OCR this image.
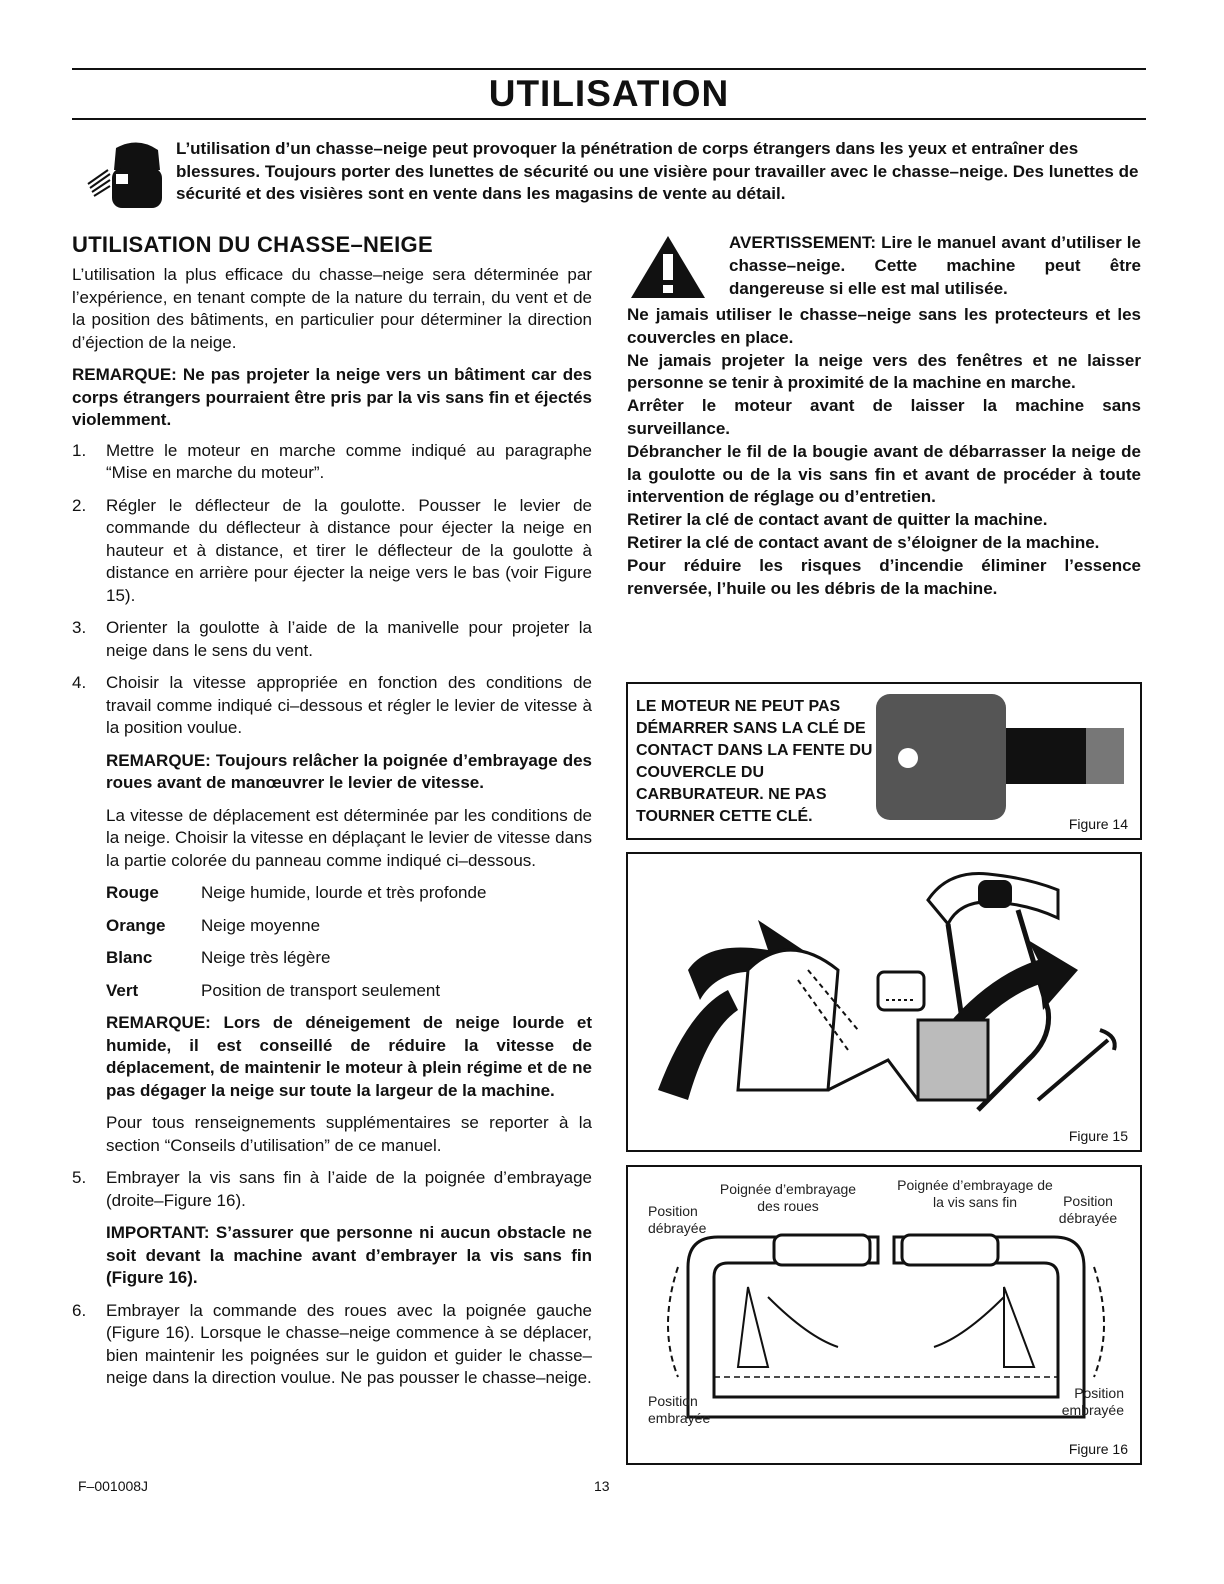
UTILISATION
L’utilisation d’un chasse–neige peut provoquer la pénétration de corps étrangers dans les yeux et entraîner des blessures. Toujours porter des lunettes de sécurité ou une visière pour travailler avec le chasse–neige. Des lunettes de sécurité et des visières sont en vente dans les magasins de vente au détail.
UTILISATION DU CHASSE–NEIGE

L’utilisation la plus efficace du chasse–neige sera déterminée par l’expérience, en tenant compte de la nature du terrain, du vent et de la position des bâtiments, en particulier pour déterminer la direction d’éjection de la neige.

REMARQUE: Ne pas projeter la neige vers un bâtiment car des corps étrangers pourraient être pris par la vis sans fin et éjectés violemment.

1. Mettre le moteur en marche comme indiqué au paragraphe “Mise en marche du moteur”.
2. Régler le déflecteur de la goulotte. Pousser le levier de commande du déflecteur à distance pour éjecter la neige en hauteur et à distance, et tirer le déflecteur de la goulotte à distance en arrière pour éjecter la neige vers le bas (voir Figure 15).
3. Orienter la goulotte à l’aide de la manivelle pour projeter la neige dans le sens du vent.
4. Choisir la vitesse appropriée en fonction des conditions de travail comme indiqué ci–dessous et régler le levier de vitesse à la position voulue.

REMARQUE: Toujours relâcher la poignée d’embrayage des roues avant de manœuvrer le levier de vitesse.

La vitesse de déplacement est déterminée par les conditions de la neige. Choisir la vitesse en déplaçant le levier de vitesse dans la partie colorée du panneau comme indiqué ci–dessous.

Rouge	Neige humide, lourde et très profonde
Orange	Neige moyenne
Blanc	Neige très légère
Vert	Position de transport seulement

REMARQUE: Lors de déneigement de neige lourde et humide, il est conseillé de réduire la vitesse de déplacement, de maintenir le moteur à plein régime et de ne pas dégager la neige sur toute la largeur de la machine.

Pour tous renseignements supplémentaires se reporter à la section “Conseils d’utilisation” de ce manuel.

5. Embrayer la vis sans fin à l’aide de la poignée d’embrayage (droite–Figure 16).

IMPORTANT: S’assurer que personne ni aucun obstacle ne soit devant la machine avant d’embrayer la vis sans fin (Figure 16).

6. Embrayer la commande des roues avec la poignée gauche (Figure 16). Lorsque le chasse–neige commence à se déplacer, bien maintenir les poignées sur le guidon et guider le chasse–neige dans la direction voulue. Ne pas pousser le chasse–neige.
AVERTISSEMENT: Lire le manuel avant d’utiliser le chasse–neige. Cette machine peut être dangereuse si elle est mal utilisée.

Ne jamais utiliser le chasse–neige sans les protecteurs et les couvercles en place.

Ne jamais projeter la neige vers des fenêtres et ne laisser personne se tenir à proximité de la machine en marche.

Arrêter le moteur avant de laisser la machine sans surveillance.

Débrancher le fil de la bougie avant de débarrasser la neige de la goulotte ou de la vis sans fin et avant de procéder à toute intervention de réglage ou d’entretien.

Retirer la clé de contact avant de quitter la machine.

Retirer la clé de contact avant de s’éloigner de la machine.

Pour réduire les risques d’incendie éliminer l’essence renversée, l’huile ou les débris de la machine.

LE MOTEUR NE PEUT PAS DÉMARRER SANS LA CLÉ DE CONTACT DANS LA FENTE DU COUVERCLE DU CARBURATEUR. NE PAS TOURNER CETTE CLÉ.	Figure 14
Figure 15
Poignée d’embrayage des roues
Poignée d’embrayage de la vis sans fin
Position débrayée
Position débrayée
Position embrayée
Position embrayée
Figure 16
F–001008J	13
